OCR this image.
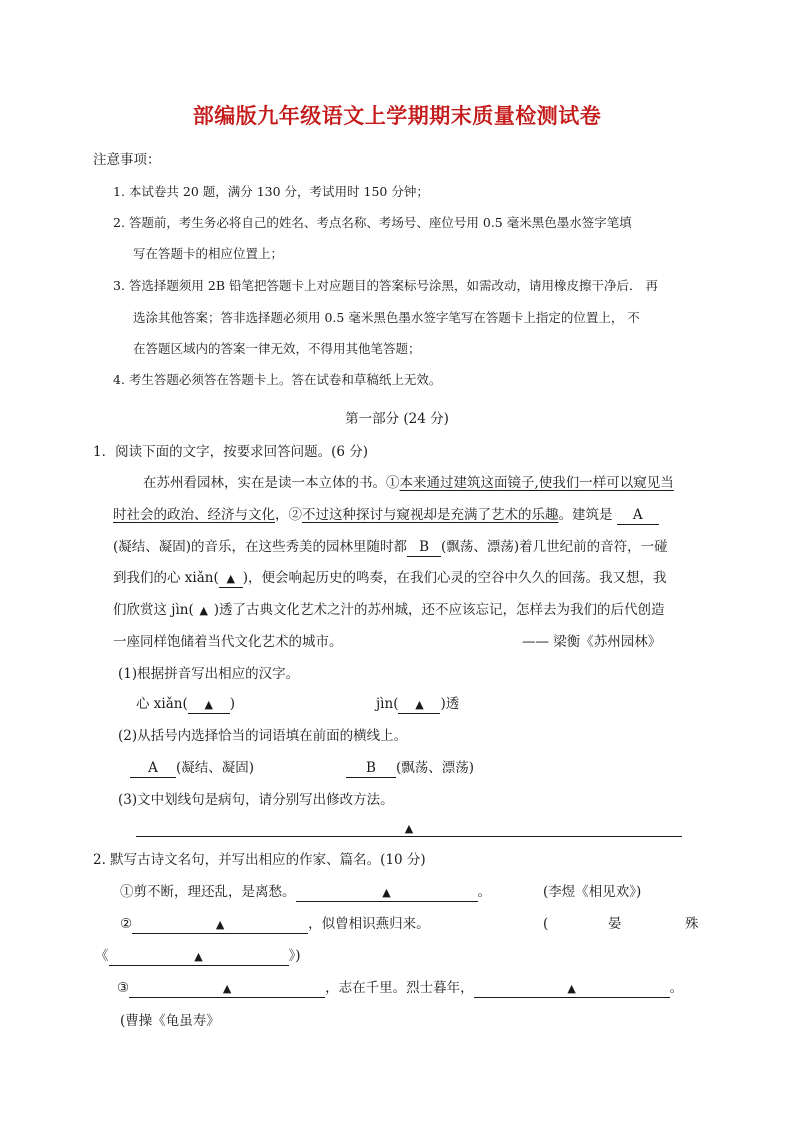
部编版九年级语文上学期期末质量检测试卷
注意事项：
1. 本试卷共 20 题，满分 130 分，考试用时 150 分钟；
2. 答题前，考生务必将自己的姓名、考点名称、考场号、座位号用 0.5 毫米黑色墨水签字笔填
写在答题卡的相应位置上；
3. 答选择题须用 2B 铅笔把答题卡上对应题目的答案标号涂黑，如需改动，请用橡皮擦干净后． 再
选涂其他答案；答非选择题必须用 0.5 毫米黑色墨水签字笔写在答题卡上指定的位置上， 不
在答题区域内的答案一律无效，不得用其他笔答题；
4. 考生答题必须答在答题卡上。答在试卷和草稿纸上无效。
第一部分 (24 分)
1．阅读下面的文字，按要求回答问题。(6 分)
在苏州看园林，实在是读一本立体的书。①本来通过建筑这面镜子,使我们一样可以窥见当
时社会的政治、经济与文化，②不过这种探讨与窥视却是充满了艺术的乐趣。建筑是 A
(凝结、凝固)的音乐，在这些秀美的园林里随时都 B (飘荡、漂荡)着几世纪前的音符，一碰
到我们的心 xiǎn( ▲ )，便会响起历史的鸣奏，在我们心灵的空谷中久久的回荡。我又想，我
们欣赏这 jìn( ▲ )透了古典文化艺术之汁的苏州城，还不应该忘记，怎样去为我们的后代创造
一座同样饱储着当代文化艺术的城市。	—— 梁衡《苏州园林》
(1)根据拼音写出相应的汉字。
心 xiǎn( ▲ )	jìn( ▲ )透
(2)从括号内选择恰当的词语填在前面的横线上。
A (凝结、凝固)	B (飘荡、漂荡)
(3)文中划线句是病句，请分别写出修改方法。
▲
2. 默写古诗文名句，并写出相应的作家、篇名。(10 分)
①剪不断，理还乱，是离愁。	▲	。	(李煜《相见欢》)
②	▲	，似曾相识燕归来。	(	晏	殊
《	▲	》)
③	▲	，志在千里。烈士暮年，	▲	。
(曹操《龟虽寿》
